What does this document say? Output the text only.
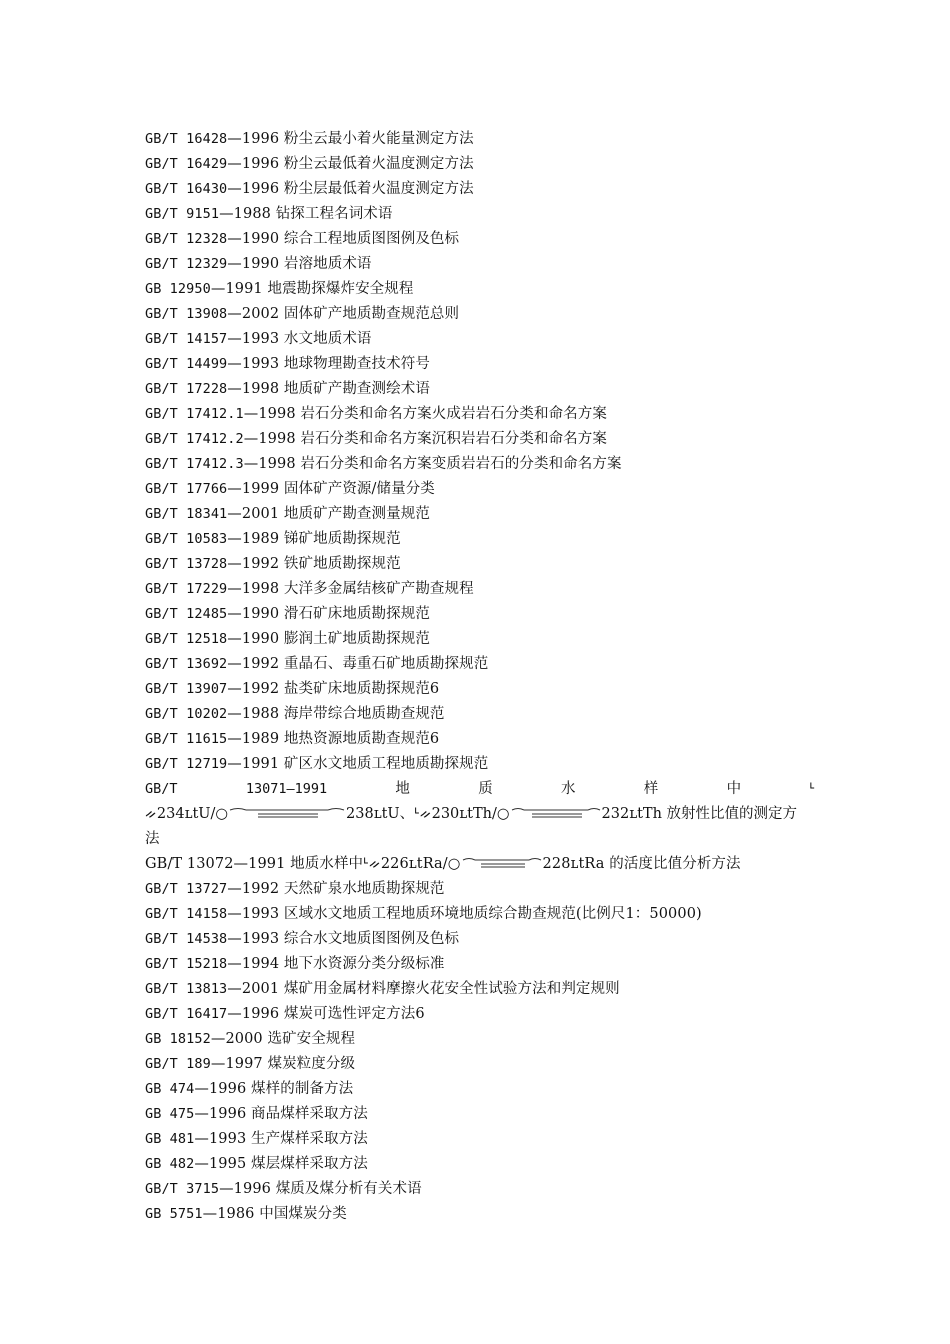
GB/T 16428—1996 粉尘云最小着火能量测定方法
GB/T 16429—1996 粉尘云最低着火温度测定方法
GB/T 16430—1996 粉尘层最低着火温度测定方法
GB/T 9151—1988 钻探工程名词术语
GB/T 12328—1990 综合工程地质图图例及色标
GB/T 12329—1990 岩溶地质术语
GB 12950—1991 地震勘探爆炸安全规程
GB/T 13908—2002 固体矿产地质勘查规范总则
GB/T 14157—1993 水文地质术语
GB/T 14499—1993 地球物理勘查技术符号
GB/T 17228—1998 地质矿产勘查测绘术语
GB/T 17412.1—1998 岩石分类和命名方案火成岩岩石分类和命名方案
GB/T 17412.2—1998 岩石分类和命名方案沉积岩岩石分类和命名方案
GB/T 17412.3—1998 岩石分类和命名方案变质岩岩石的分类和命名方案
GB/T 17766—1999 固体矿产资源/储量分类
GB/T 18341—2001 地质矿产勘查测量规范
GB/T 10583—1989 锑矿地质勘探规范
GB/T 13728—1992 铁矿地质勘探规范
GB/T 17229—1998 大洋多金属结核矿产勘查规程
GB/T 12485—1990 滑石矿床地质勘探规范
GB/T 12518—1990 膨润土矿地质勘探规范
GB/T 13692—1992 重晶石、毒重石矿地质勘探规范
GB/T 13907—1992 盐类矿床地质勘探规范6
GB/T 10202—1988 海岸带综合地质勘查规范
GB/T 11615—1989 地热资源地质勘查规范6
GB/T 12719—1991 矿区水文地质工程地质勘探规范
GB/T	13071—1991	地	质	水	样	中	ᒻ
ᨀ234ʟtU/○	238ʟtU、ᒻᨀ230ʟtTh/○	232ʟtTh 放射性比值的测定方
法
GB/T 13072—1991 地质水样中ᒻᨀ226ʟtRa/○	228ʟtRa 的活度比值分析方法
GB/T 13727—1992 天然矿泉水地质勘探规范
GB/T 14158—1993 区域水文地质工程地质环境地质综合勘查规范(比例尺1：50000)
GB/T 14538—1993 综合水文地质图图例及色标
GB/T 15218—1994 地下水资源分类分级标准
GB/T 13813—2001 煤矿用金属材料摩擦火花安全性试验方法和判定规则
GB/T 16417—1996 煤炭可选性评定方法6
GB 18152—2000 选矿安全规程
GB/T 189—1997 煤炭粒度分级
GB 474—1996 煤样的制备方法
GB 475—1996 商品煤样采取方法
GB 481—1993 生产煤样采取方法
GB 482—1995 煤层煤样采取方法
GB/T 3715—1996 煤质及煤分析有关术语
GB 5751—1986 中国煤炭分类
